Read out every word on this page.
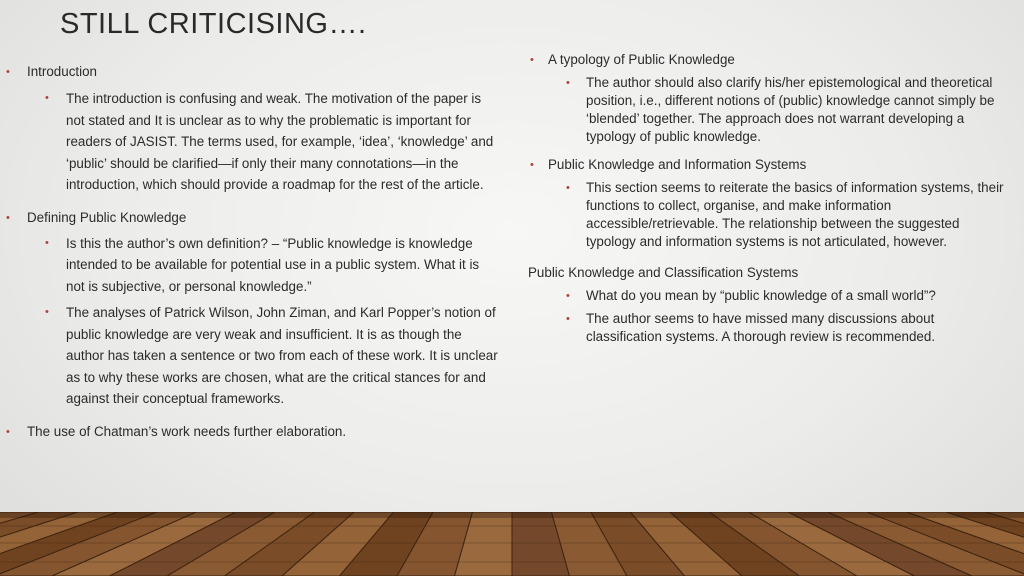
STILL CRITICISING….
• Introduction
• The introduction is confusing and weak. The motivation of the paper is not stated and It is unclear as to why the problematic is important for readers of JASIST. The terms used, for example, ‘idea’, ‘knowledge’ and ‘public’ should be clarified—if only their many connotations—in the introduction, which should provide a roadmap for the rest of the article.
• Defining Public Knowledge
• Is this the author’s own definition? – “Public knowledge is knowledge intended to be available for potential use in a public system. What it is not is subjective, or personal knowledge.”
• The analyses of Patrick Wilson, John Ziman, and Karl Popper’s notion of public knowledge are very weak and insufficient. It is as though the author has taken a sentence or two from each of these work. It is unclear as to why these works are chosen, what are the critical stances for and against their conceptual frameworks.
• The use of Chatman’s work needs further elaboration.
• A typology of Public Knowledge
• The author should also clarify his/her epistemological and theoretical position, i.e., different notions of (public) knowledge cannot simply be ‘blended’ together. The approach does not warrant developing a typology of public knowledge.
• Public Knowledge and Information Systems
• This section seems to reiterate the basics of information systems, their functions to collect, organise, and make information accessible/retrievable. The relationship between the suggested typology and information systems is not articulated, however.
Public Knowledge and Classification Systems
• What do you mean by “public knowledge of a small world”?
• The author seems to have missed many discussions about classification systems. A thorough review is recommended.
